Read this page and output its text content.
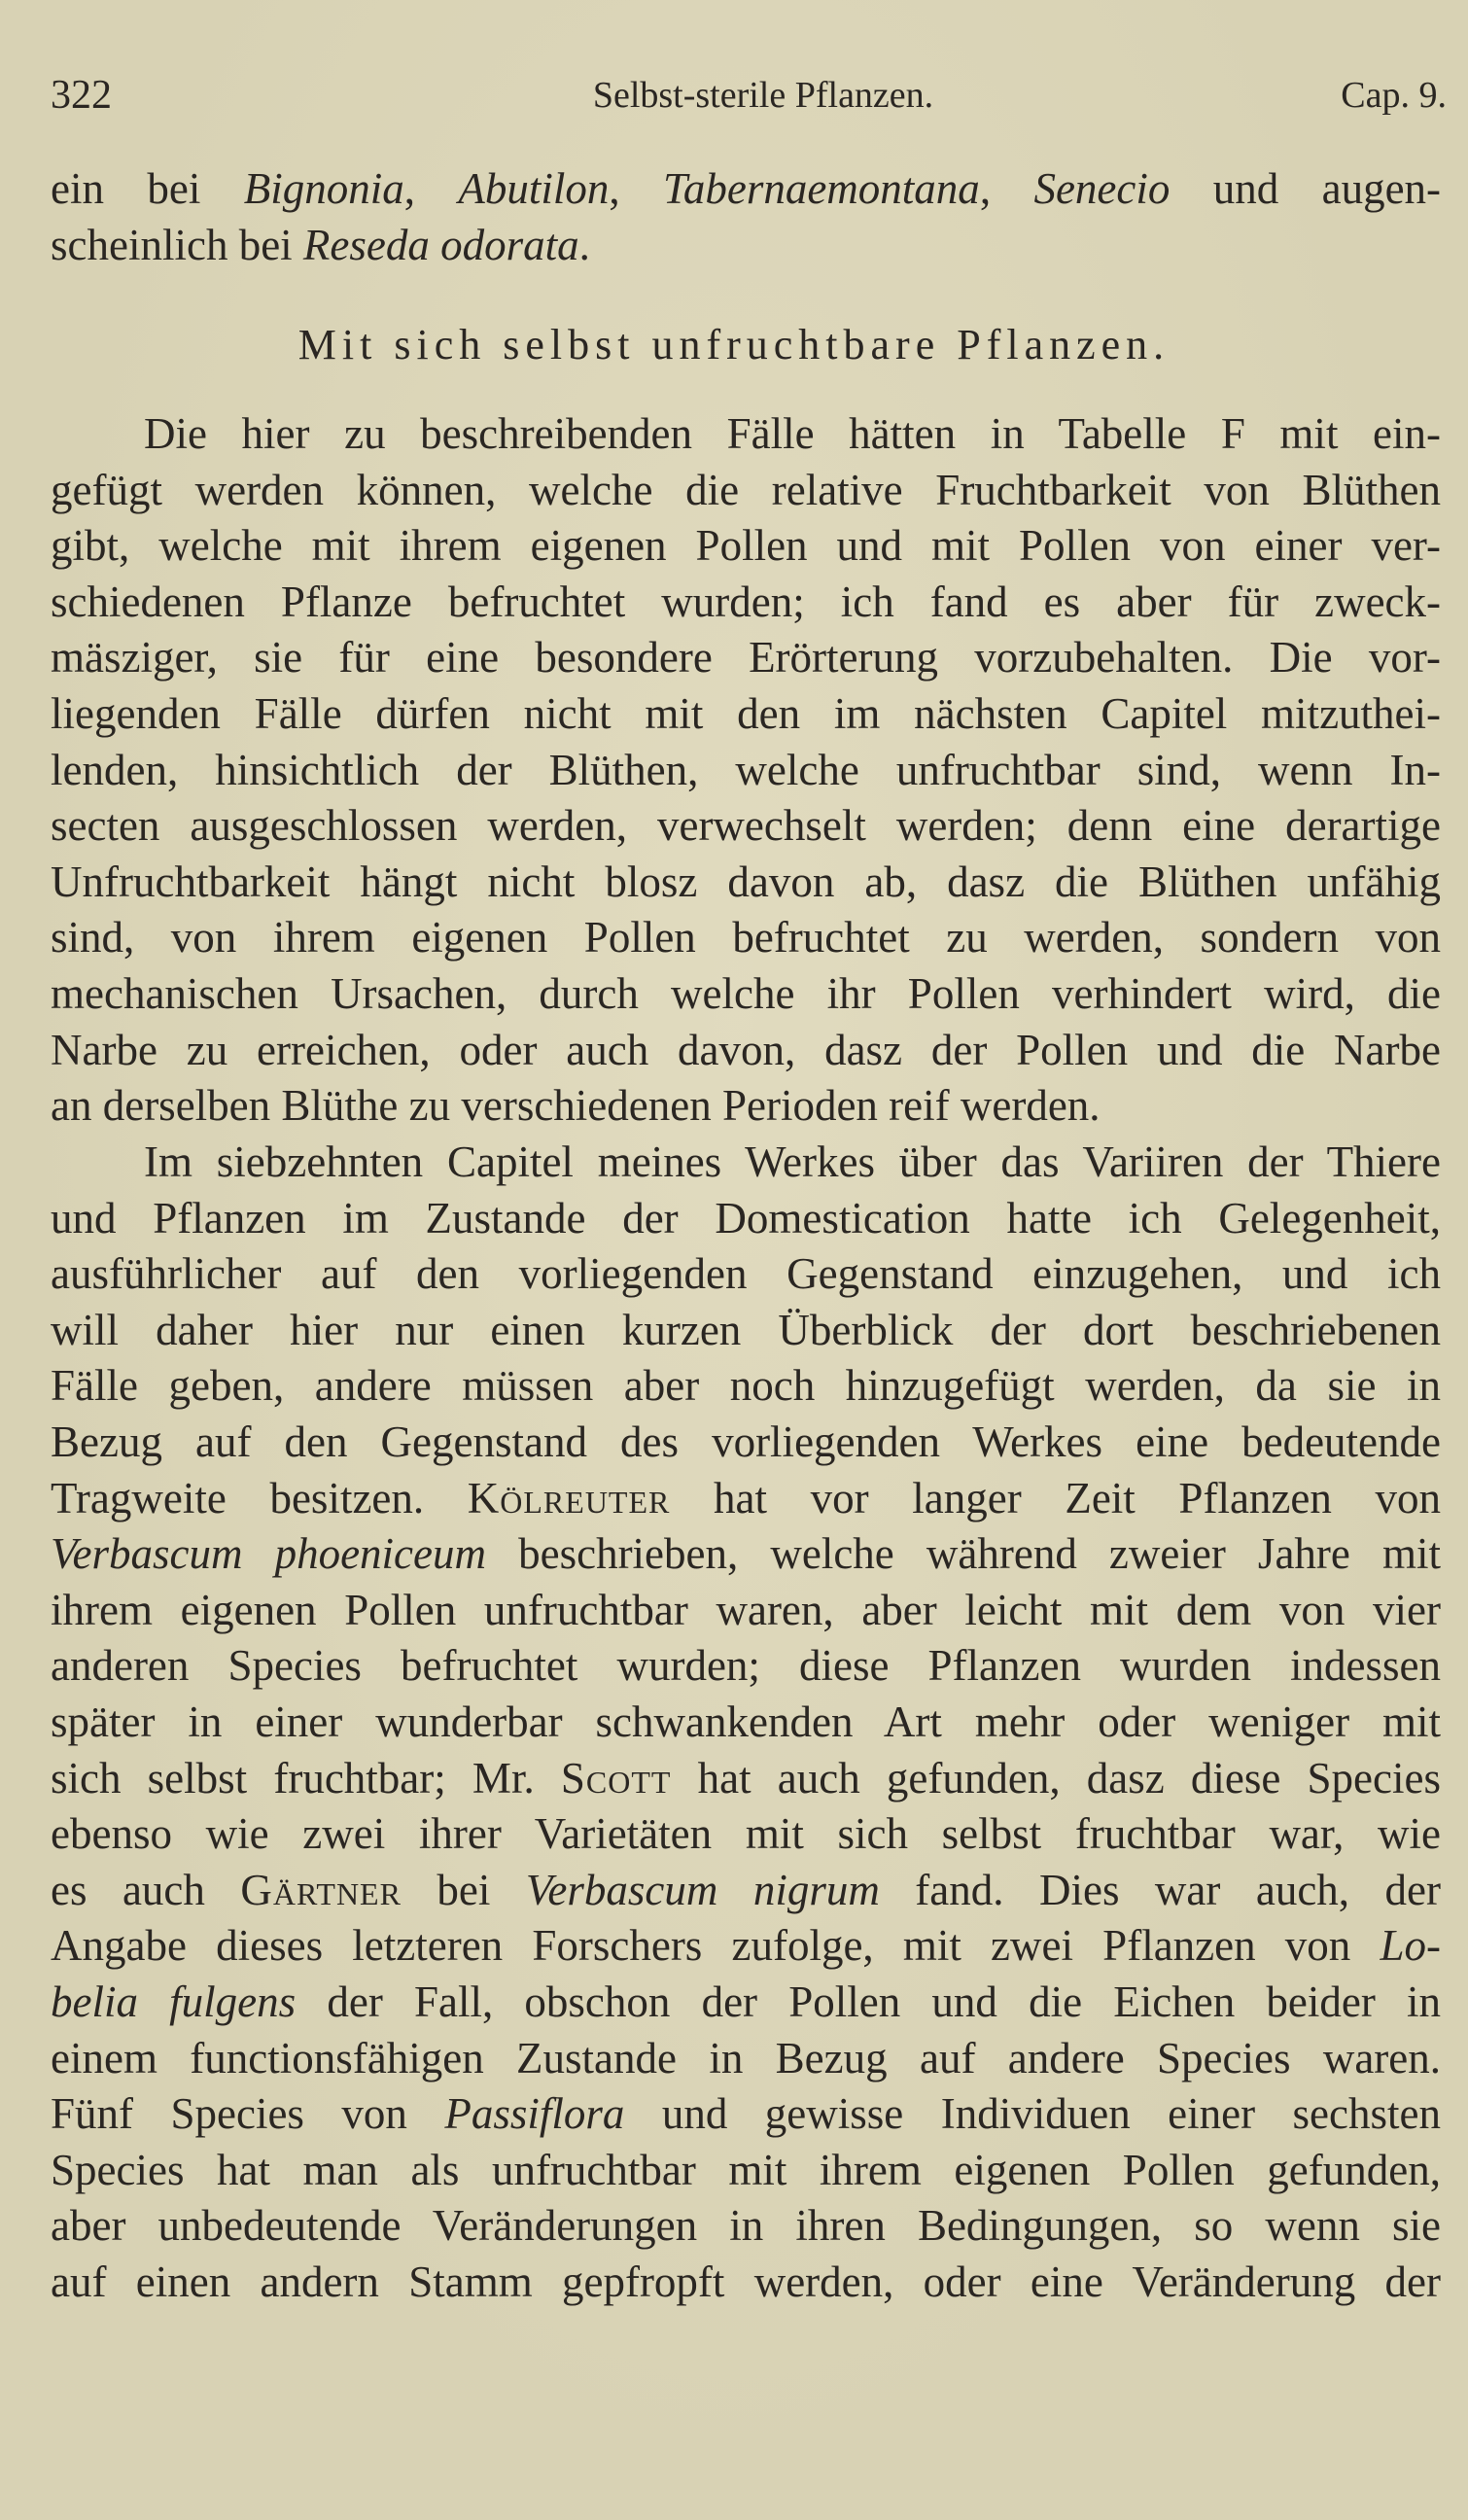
322	Selbst-sterile Pflanzen.	Cap. 9.
ein bei Bignonia, Abutilon, Tabernaemontana, Senecio und augen-
scheinlich bei Reseda odorata.
Mit sich selbst unfruchtbare Pflanzen.
Die hier zu beschreibenden Fälle hätten in Tabelle F mit ein-
gefügt werden können, welche die relative Fruchtbarkeit von Blüthen
gibt, welche mit ihrem eigenen Pollen und mit Pollen von einer ver-
schiedenen Pflanze befruchtet wurden; ich fand es aber für zweck-
mäsziger, sie für eine besondere Erörterung vorzubehalten. Die vor-
liegenden Fälle dürfen nicht mit den im nächsten Capitel mitzuthei-
lenden, hinsichtlich der Blüthen, welche unfruchtbar sind, wenn In-
secten ausgeschlossen werden, verwechselt werden; denn eine derartige
Unfruchtbarkeit hängt nicht blosz davon ab, dasz die Blüthen unfähig
sind, von ihrem eigenen Pollen befruchtet zu werden, sondern von
mechanischen Ursachen, durch welche ihr Pollen verhindert wird, die
Narbe zu erreichen, oder auch davon, dasz der Pollen und die Narbe
an derselben Blüthe zu verschiedenen Perioden reif werden.
Im siebzehnten Capitel meines Werkes über das Variiren der Thiere
und Pflanzen im Zustande der Domestication hatte ich Gelegenheit,
ausführlicher auf den vorliegenden Gegenstand einzugehen, und ich
will daher hier nur einen kurzen Überblick der dort beschriebenen
Fälle geben, andere müssen aber noch hinzugefügt werden, da sie in
Bezug auf den Gegenstand des vorliegenden Werkes eine bedeutende
Tragweite besitzen. Kölreuter hat vor langer Zeit Pflanzen von
Verbascum phoeniceum beschrieben, welche während zweier Jahre mit
ihrem eigenen Pollen unfruchtbar waren, aber leicht mit dem von vier
anderen Species befruchtet wurden; diese Pflanzen wurden indessen
später in einer wunderbar schwankenden Art mehr oder weniger mit
sich selbst fruchtbar; Mr. Scott hat auch gefunden, dasz diese Species
ebenso wie zwei ihrer Varietäten mit sich selbst fruchtbar war, wie
es auch Gärtner bei Verbascum nigrum fand. Dies war auch, der
Angabe dieses letzteren Forschers zufolge, mit zwei Pflanzen von Lo-
belia fulgens der Fall, obschon der Pollen und die Eichen beider in
einem functionsfähigen Zustande in Bezug auf andere Species waren.
Fünf Species von Passiflora und gewisse Individuen einer sechsten
Species hat man als unfruchtbar mit ihrem eigenen Pollen gefunden,
aber unbedeutende Veränderungen in ihren Bedingungen, so wenn sie
auf einen andern Stamm gepfropft werden, oder eine Veränderung der
